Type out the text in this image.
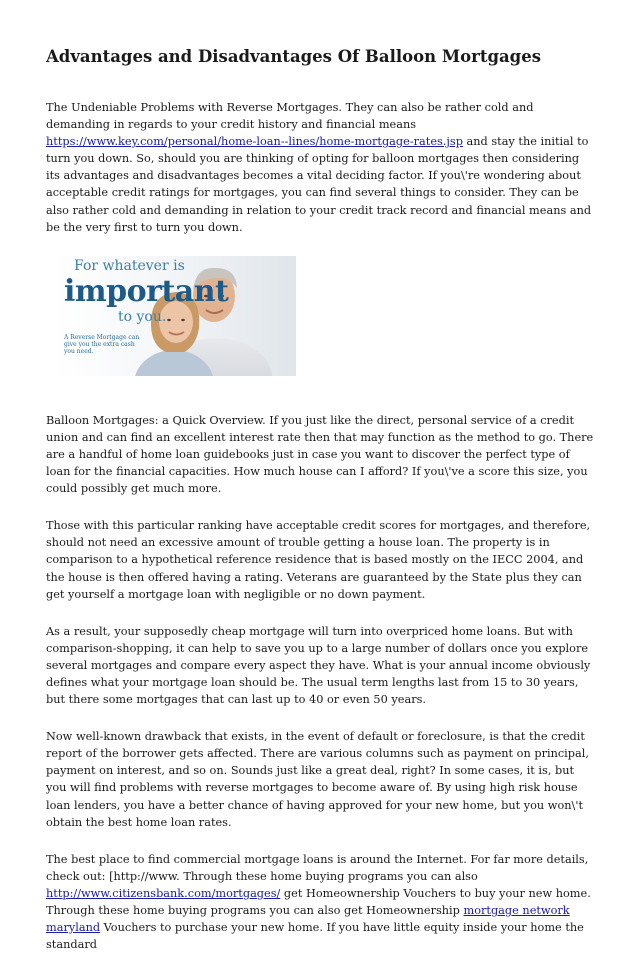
Advantages and Disadvantages Of Balloon Mortgages

The Undeniable Problems with Reverse Mortgages. They can also be rather cold and demanding in regards to your credit history and financial means https://www.key.com/personal/home-loan--lines/home-mortgage-rates.jsp and stay the initial to turn you down. So, should you are thinking of opting for balloon mortgages then considering its advantages and disadvantages becomes a vital deciding factor. If you\'re wondering about acceptable credit ratings for mortgages, you can find several things to consider. They can be also rather cold and demanding in relation to your credit track record and financial means and be the very first to turn you down.

For whatever is
important
to you.
A Reverse Mortgage can give you the extra cash you need.

Balloon Mortgages: a Quick Overview. If you just like the direct, personal service of a credit union and can find an excellent interest rate then that may function as the method to go. There are a handful of home loan guidebooks just in case you want to discover the perfect type of loan for the financial capacities. How much house can I afford? If you\'ve a score this size, you could possibly get much more.

Those with this particular ranking have acceptable credit scores for mortgages, and therefore, should not need an excessive amount of trouble getting a house loan. The property is in comparison to a hypothetical reference residence that is based mostly on the IECC 2004, and the house is then offered having a rating. Veterans are guaranteed by the State plus they can get yourself a mortgage loan with negligible or no down payment.

As a result, your supposedly cheap mortgage will turn into overpriced home loans. But with comparison-shopping, it can help to save you up to a large number of dollars once you explore several mortgages and compare every aspect they have. What is your annual income obviously defines what your mortgage loan should be. The usual term lengths last from 15 to 30 years, but there some mortgages that can last up to 40 or even 50 years.

Now well-known drawback that exists, in the event of default or foreclosure, is that the credit report of the borrower gets affected. There are various columns such as payment on principal, payment on interest, and so on. Sounds just like a great deal, right? In some cases, it is, but you will find problems with reverse mortgages to become aware of. By using high risk house loan lenders, you have a better chance of having approved for your new home, but you won\'t obtain the best home loan rates.

The best place to find commercial mortgage loans is around the Internet. For far more details, check out: [http://www. Through these home buying programs you can also http://www.citizensbank.com/mortgages/ get Homeownership Vouchers to buy your new home. Through these home buying programs you can also get Homeownership mortgage network maryland Vouchers to purchase your new home. If you have little equity inside your home the standard
